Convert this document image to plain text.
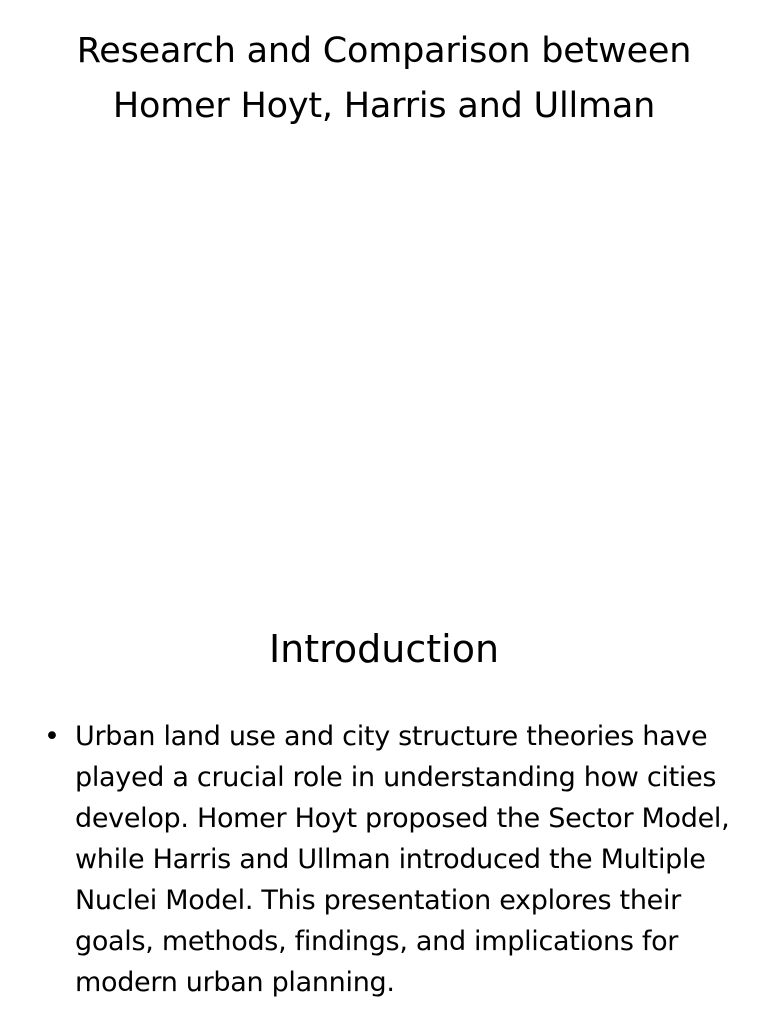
Research and Comparison between Homer Hoyt, Harris and Ullman
Introduction
• Urban land use and city structure theories have played a crucial role in understanding how cities develop. Homer Hoyt proposed the Sector Model, while Harris and Ullman introduced the Multiple Nuclei Model. This presentation explores their goals, methods, findings, and implications for modern urban planning.
